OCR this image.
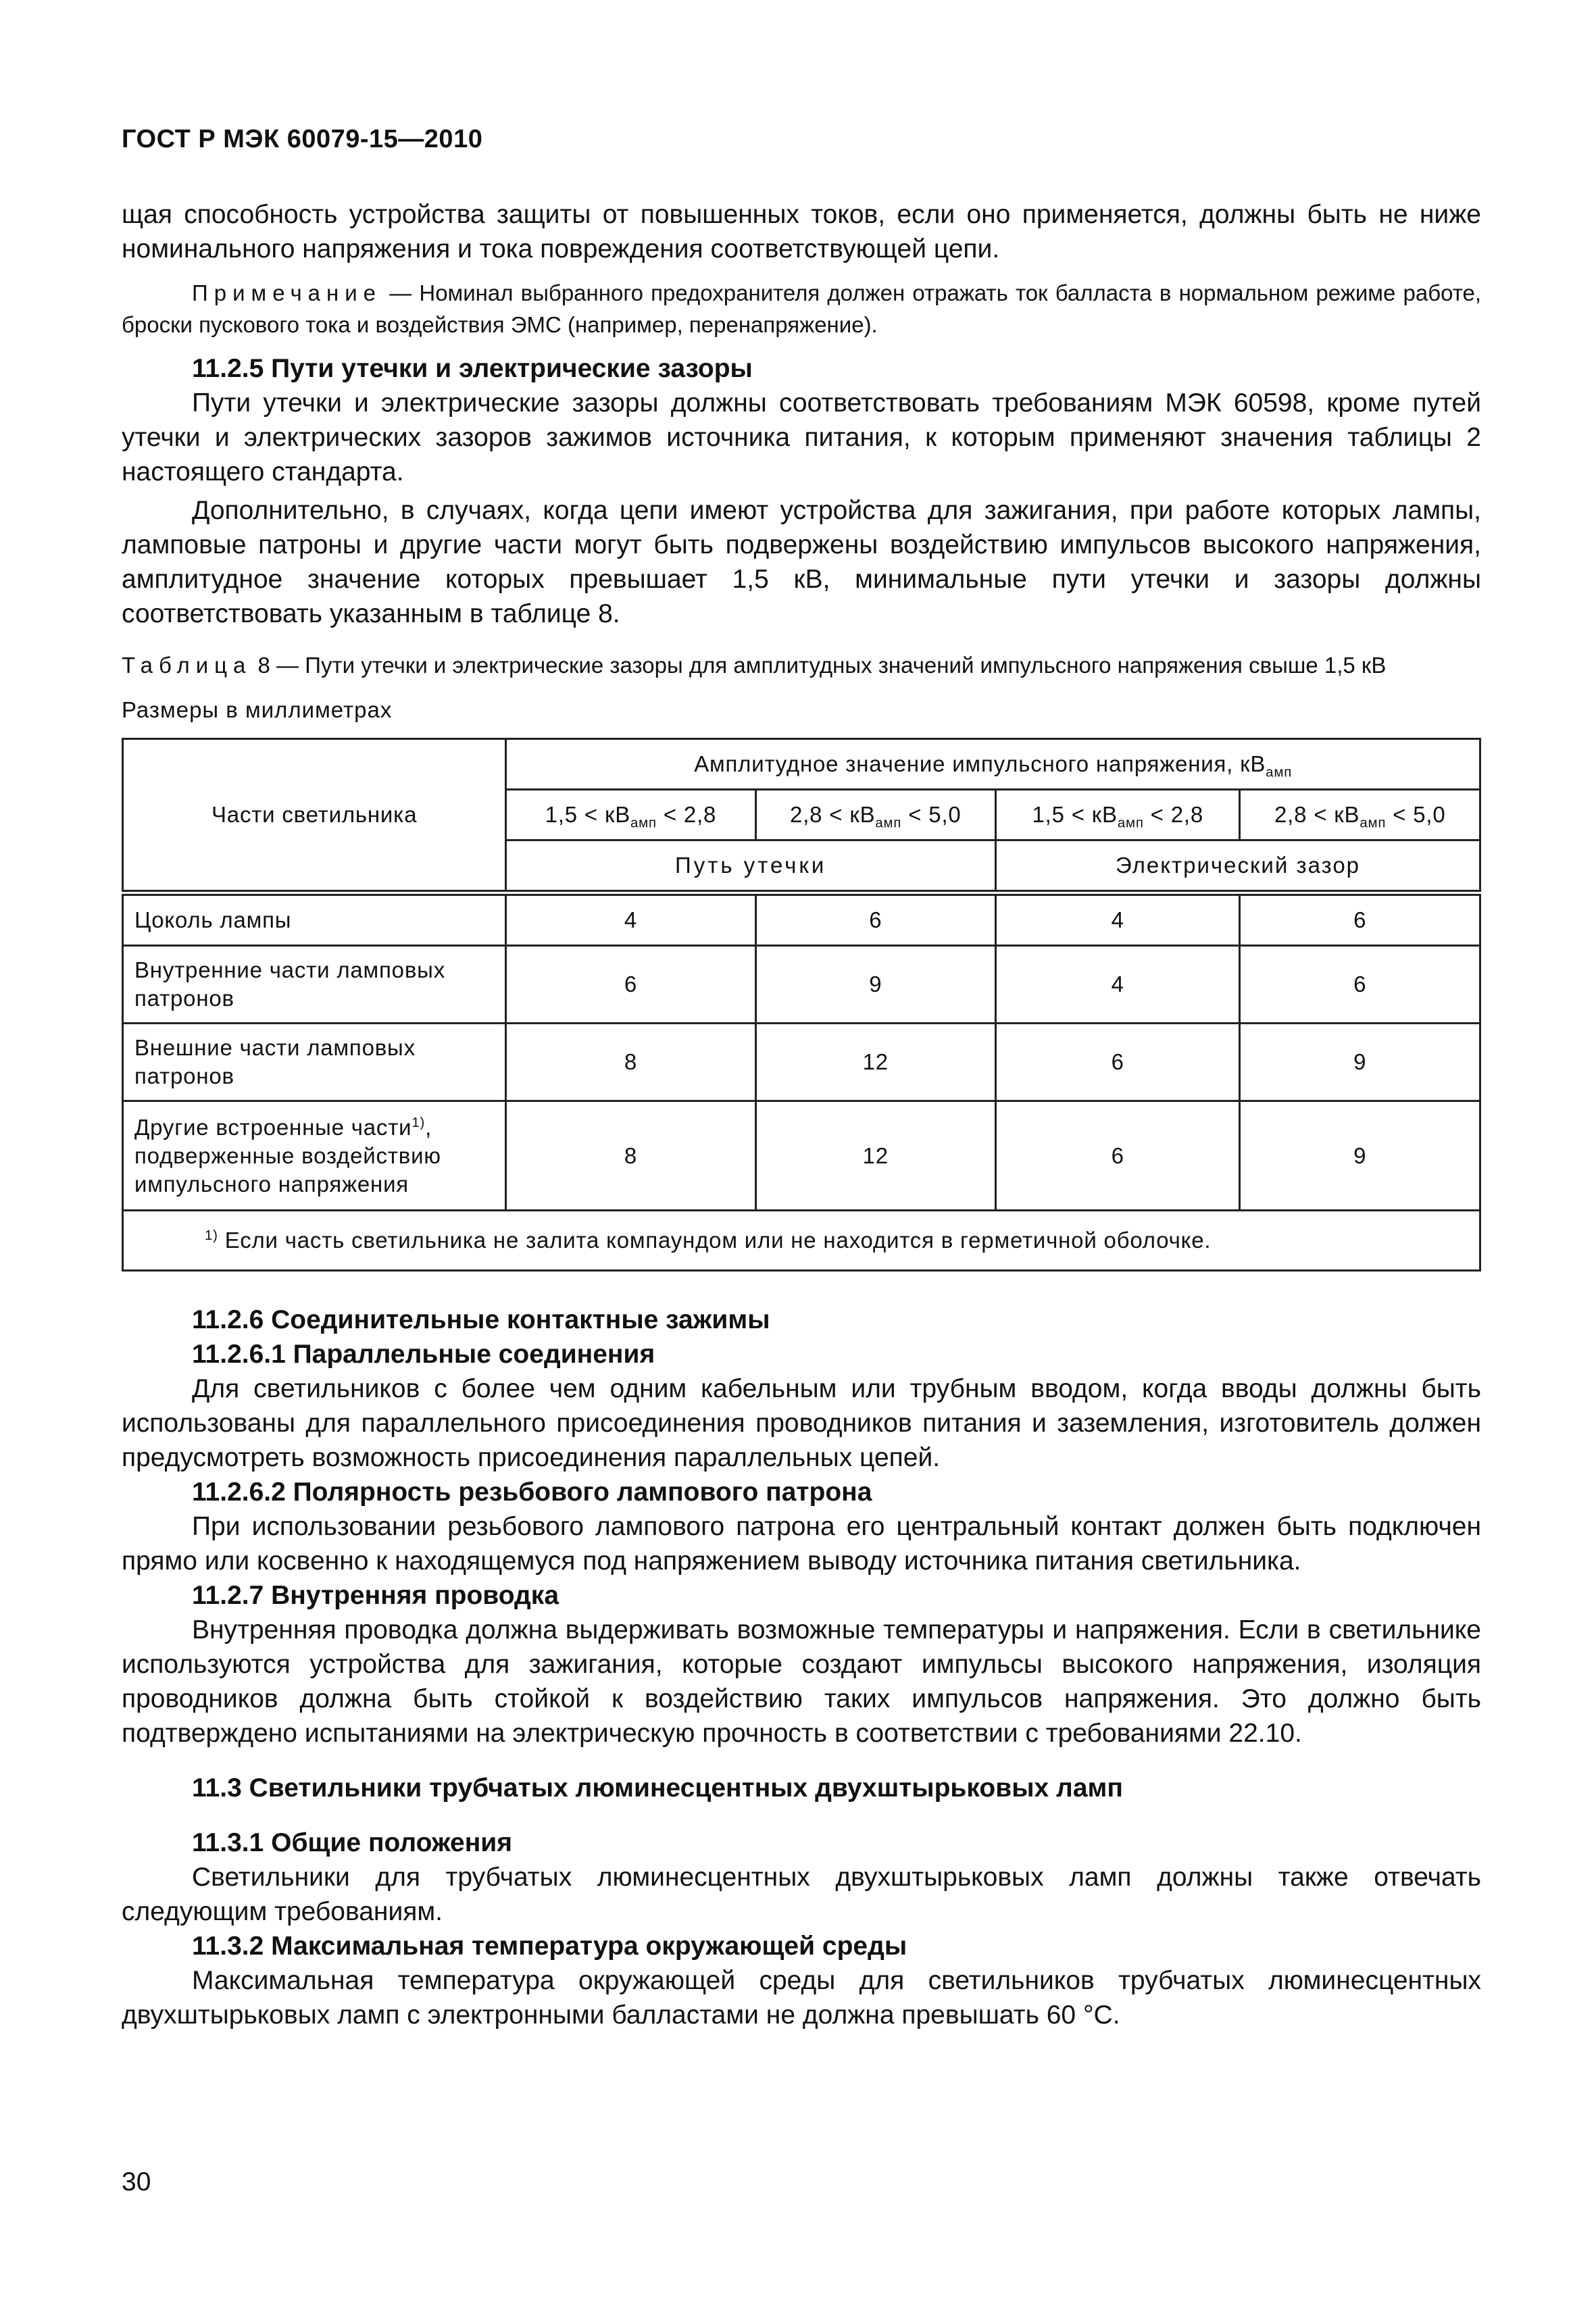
ГОСТ Р МЭК 60079-15—2010

щая способность устройства защиты от повышенных токов, если оно применяется, должны быть не ниже номинального напряжения и тока повреждения соответствующей цепи.

Примечание — Номинал выбранного предохранителя должен отражать ток балласта в нормальном режиме работе, броски пускового тока и воздействия ЭМС (например, перенапряжение).

11.2.5 Пути утечки и электрические зазоры

Пути утечки и электрические зазоры должны соответствовать требованиям МЭК 60598, кроме путей утечки и электрических зазоров зажимов источника питания, к которым применяют значения таблицы 2 настоящего стандарта.

Дополнительно, в случаях, когда цепи имеют устройства для зажигания, при работе которых лампы, ламповые патроны и другие части могут быть подвержены воздействию импульсов высокого напряжения, амплитудное значение которых превышает 1,5 кВ, минимальные пути утечки и зазоры должны соответствовать указанным в таблице 8.

Таблица 8 — Пути утечки и электрические зазоры для амплитудных значений импульсного напряжения свыше 1,5 кВ

Размеры в миллиметрах

Части светильника	Амплитудное значение импульсного напряжения, $кВ_{амп}$
	$1,5 < кВ_{амп} < 2,8$	$2,8 < кВ_{амп} < 5,0$	$1,5 < кВ_{амп} < 2,8$	$2,8 < кВ_{амп} < 5,0$
	Путь утечки		Электрический зазор	
Цоколь лампы	4	6	4	6
Внутренние части ламповых патронов	6	9	4	6
Внешние части ламповых патронов	8	12	6	9
Другие встроенные части$^{1)}$, подверженные воздействию импульсного напряжения	8	12	6	9
$^{1)}$ Если часть светильника не залита компаундом или не находится в герметичной оболочке.				

11.2.6 Соединительные контактные зажимы

11.2.6.1 Параллельные соединения

Для светильников с более чем одним кабельным или трубным вводом, когда вводы должны быть использованы для параллельного присоединения проводников питания и заземления, изготовитель должен предусмотреть возможность присоединения параллельных цепей.

11.2.6.2 Полярность резьбового лампового патрона

При использовании резьбового лампового патрона его центральный контакт должен быть подключен прямо или косвенно к находящемуся под напряжением выводу источника питания светильника.

11.2.7 Внутренняя проводка

Внутренняя проводка должна выдерживать возможные температуры и напряжения. Если в светильнике используются устройства для зажигания, которые создают импульсы высокого напряжения, изоляция проводников должна быть стойкой к воздействию таких импульсов напряжения. Это должно быть подтверждено испытаниями на электрическую прочность в соответствии с требованиями 22.10.

11.3 Светильники трубчатых люминесцентных двухштырьковых ламп

11.3.1 Общие положения

Светильники для трубчатых люминесцентных двухштырьковых ламп должны также отвечать следующим требованиям.

11.3.2 Максимальная температура окружающей среды

Максимальная температура окружающей среды для светильников трубчатых люминесцентных двухштырьковых ламп с электронными балластами не должна превышать 60 °С.

30
